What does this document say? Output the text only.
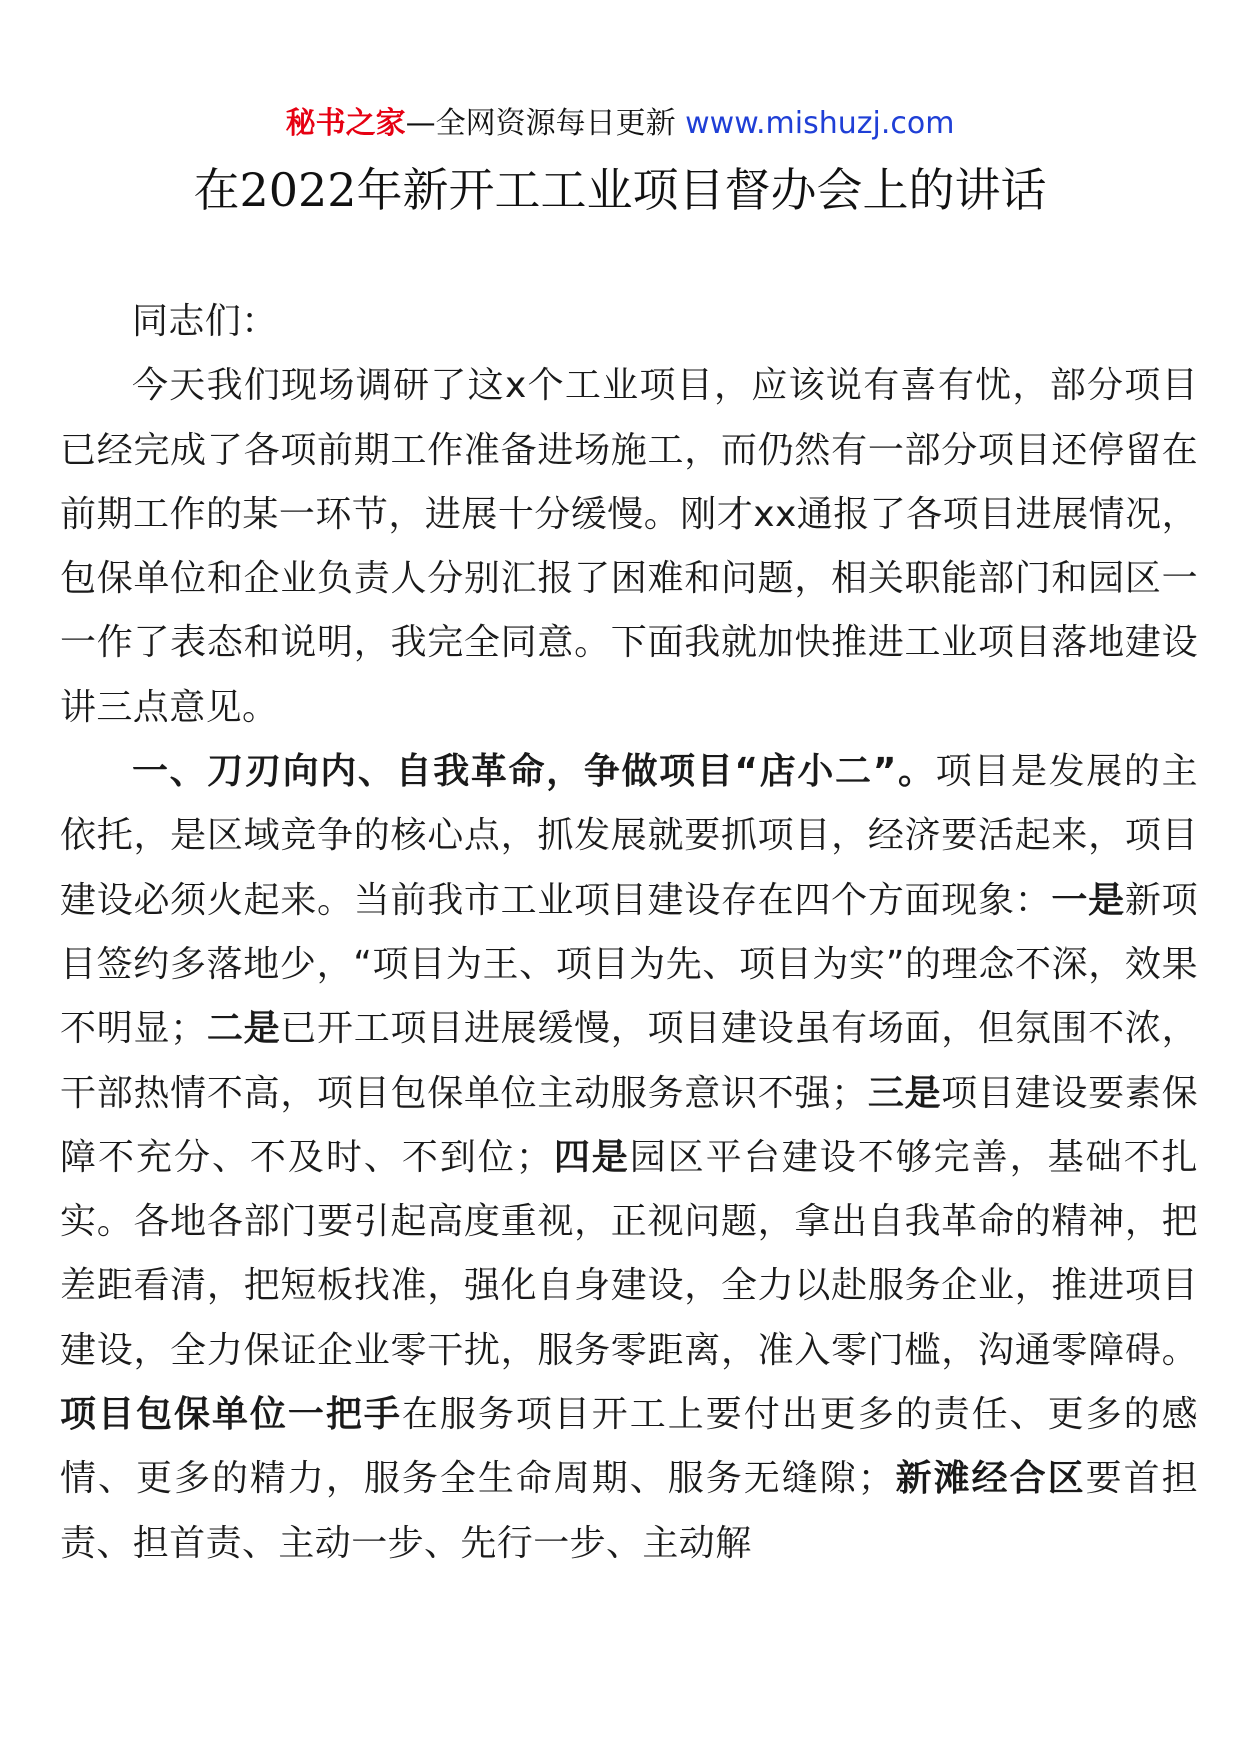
秘书之家—全网资源每日更新 www.mishuzj.com
在2022年新开工工业项目督办会上的讲话

同志们：

今天我们现场调研了这x个工业项目，应该说有喜有忧，部分项目已经完成了各项前期工作准备进场施工，而仍然有一部分项目还停留在前期工作的某一环节，进展十分缓慢。刚才xx通报了各项目进展情况，包保单位和企业负责人分别汇报了困难和问题，相关职能部门和园区一一作了表态和说明，我完全同意。下面我就加快推进工业项目落地建设讲三点意见。

一、刀刃向内、自我革命，争做项目“店小二”。项目是发展的主依托，是区域竞争的核心点，抓发展就要抓项目，经济要活起来，项目建设必须火起来。当前我市工业项目建设存在四个方面现象：一是新项目签约多落地少，“项目为王、项目为先、项目为实”的理念不深，效果不明显；二是已开工项目进展缓慢，项目建设虽有场面，但氛围不浓，干部热情不高，项目包保单位主动服务意识不强；三是项目建设要素保障不充分、不及时、不到位；四是园区平台建设不够完善，基础不扎实。各地各部门要引起高度重视，正视问题，拿出自我革命的精神，把差距看清，把短板找准，强化自身建设，全力以赴服务企业，推进项目建设，全力保证企业零干扰，服务零距离，准入零门槛，沟通零障碍。项目包保单位一把手在服务项目开工上要付出更多的责任、更多的感情、更多的精力，服务全生命周期、服务无缝隙；新滩经合区要首担责、担首责、主动一步、先行一步、主动解
